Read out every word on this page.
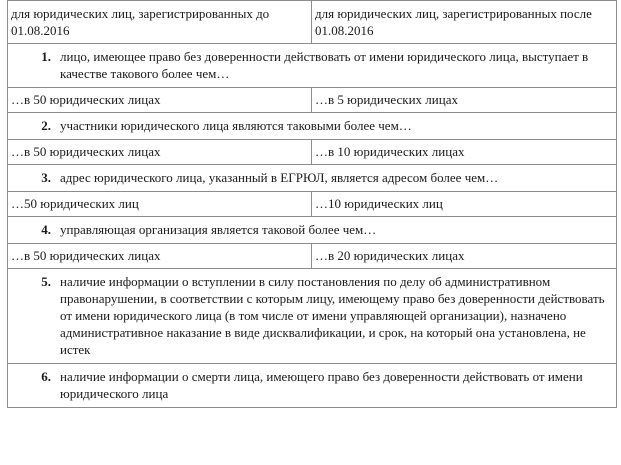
для юридических лиц, зарегистрированных до 01.08.2016	для юридических лиц, зарегистрированных после 01.08.2016

1. лицо, имеющее право без доверенности действовать от имени юридического лица, выступает в качестве такового более чем…	

…в 50 юридических лицах	…в 5 юридических лицах

2. участники юридического лица являются таковыми более чем…	

…в 50 юридических лицах	…в 10 юридических лицах

3. адрес юридического лица, указанный в ЕГРЮЛ, является адресом более чем…	

…50 юридических лиц	…10 юридических лиц

4. управляющая организация является таковой более чем…	

…в 50 юридических лицах	…в 20 юридических лицах

5. наличие информации о вступлении в силу постановления по делу об административном правонарушении, в соответствии с которым лицу, имеющему право без доверенности действовать от имени юридического лица (в том числе от имени управляющей организации), назначено административное наказание в виде дисквалификации, и срок, на который она установлена, не истек	

6. наличие информации о смерти лица, имеющего право без доверенности действовать от имени юридического лица	
